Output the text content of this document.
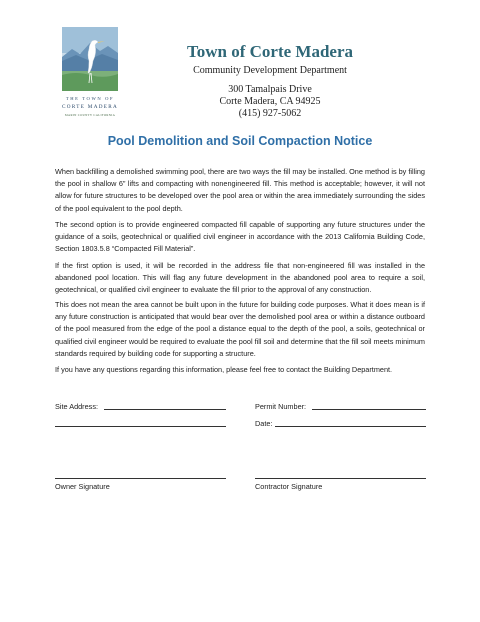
THE TOWN OF
CORTE MADERA
MARIN COUNTY CALIFORNIA
Town of Corte Madera
Community Development Department
300 Tamalpais Drive
Corte Madera, CA 94925
(415) 927-5062
Pool Demolition and Soil Compaction Notice

When backfilling a demolished swimming pool, there are two ways the fill may be installed. One method is by filling the pool in shallow 6” lifts and compacting with nonengineered fill. This method is acceptable; however, it will not allow for future structures to be developed over the pool area or within the area immediately surrounding the sides of the pool equivalent to the pool depth.

The second option is to provide engineered compacted fill capable of supporting any future structures under the guidance of a soils, geotechnical or qualified civil engineer in accordance with the 2013 California Building Code, Section 1803.5.8 “Compacted Fill Material”.

If the first option is used, it will be recorded in the address file that non-engineered fill was installed in the abandoned pool location. This will flag any future development in the abandoned pool area to require a soil, geotechnical, or qualified civil engineer to evaluate the fill prior to the approval of any construction.

This does not mean the area cannot be built upon in the future for building code purposes. What it does mean is if any future construction is anticipated that would bear over the demolished pool area or within a distance outboard of the pool measured from the edge of the pool a distance equal to the depth of the pool, a soils, geotechnical or qualified civil engineer would be required to evaluate the pool fill soil and determine that the fill soil meets minimum standards required by building code for supporting a structure.

If you have any questions regarding this information, please feel free to contact the Building Department.

Site Address:	Permit Number:
Date:
Owner Signature	Contractor Signature
